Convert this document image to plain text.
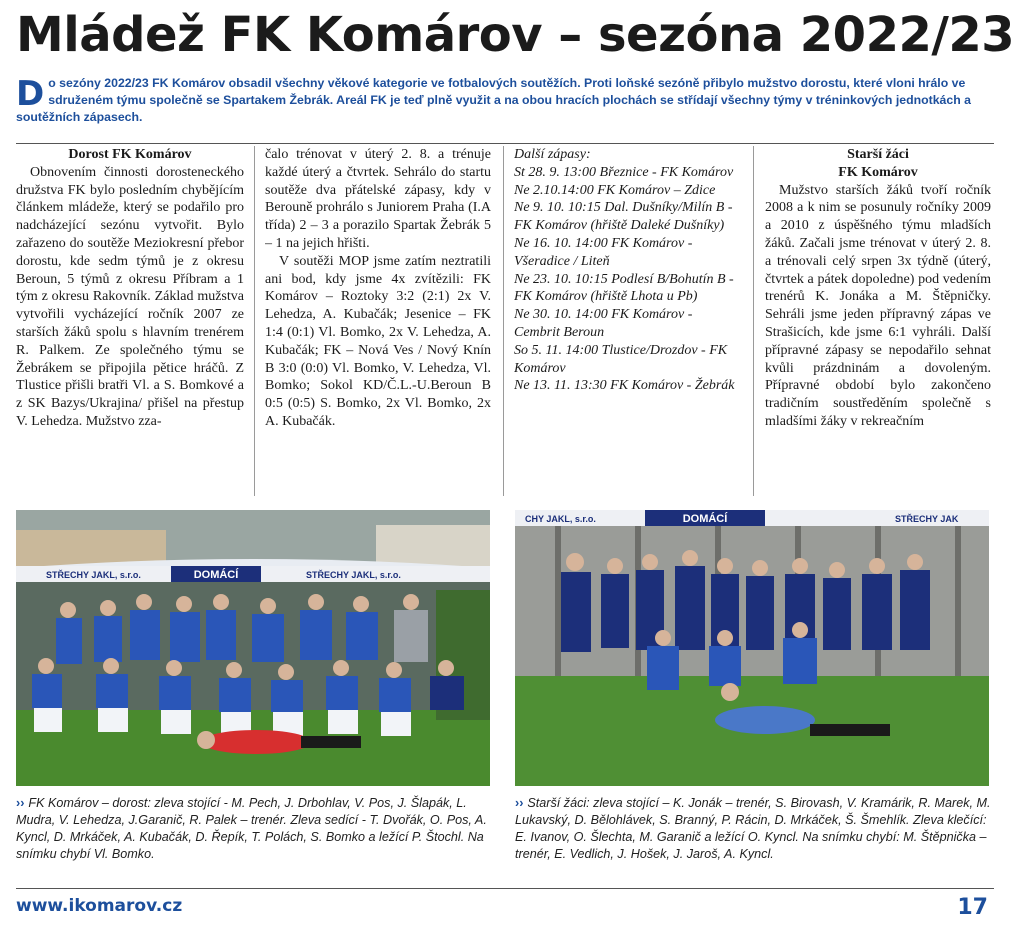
Mládež FK Komárov – sezóna 2022/23
Do sezóny 2022/23 FK Komárov obsadil všechny věkové kategorie ve fotbalových soutěžích. Proti loňské sezóně přibylo mužstvo dorostu, které vloni hrálo ve sdruženém týmu společně se Spartakem Žebrák. Areál FK je teď plně využit a na obou hracích plochách se střídají všechny týmy v tréninkových jednotkách a soutěžních zápasech.

Dorost FK Komárov

Obnovením činnosti dorosteneckého družstva FK bylo posledním chybějícím článkem mládeže, který se podařilo pro nadcházející sezónu vytvořit. Bylo zařazeno do soutěže Meziokresní přebor dorostu, kde sedm týmů je z okresu Beroun, 5 týmů z okresu Příbram a 1 tým z okresu Rakovník. Základ mužstva vytvořili vycházející ročník 2007 ze starších žáků spolu s hlavním trenérem R. Palkem. Ze společného týmu se Žebrákem se připojila pětice hráčů. Z Tlustice přišli bratři Vl. a S. Bomkové a z SK Bazys/Ukrajina/ přišel na přestup V. Lehedza. Mužstvo zza-

čalo trénovat v úterý 2. 8. a trénuje každé úterý a čtvrtek. Sehrálo do startu soutěže dva přátelské zápasy, kdy v Berouně prohrálo s Juniorem Praha (I.A třída) 2 – 3 a porazilo Spartak Žebrák 5 – 1 na jejich hřišti.

V soutěži MOP jsme zatím neztratili ani bod, kdy jsme 4x zvítězili: FK Komárov – Roztoky 3:2 (2:1) 2x V. Lehedza, A. Kubačák; Jesenice – FK 1:4 (0:1) Vl. Bomko, 2x V. Lehedza, A. Kubačák; FK – Nová Ves / Nový Knín B 3:0 (0:0) Vl. Bomko, V. Lehedza, Vl. Bomko; Sokol KD/Č.L.-U.Beroun B 0:5 (0:5) S. Bomko, 2x Vl. Bomko, 2x A. Kubačák.

Další zápasy:

St 28. 9. 13:00 Březnice - FK Komárov

Ne 2.10.14:00 FK Komárov – Zdice

Ne 9. 10. 10:15 Dal. Dušníky/Milín B - FK Komárov (hřiště Daleké Dušníky)

Ne 16. 10. 14:00 FK Komárov - Všeradice / Liteň

Ne 23. 10. 10:15 Podlesí B/Bohutín B - FK Komárov (hřiště Lhota u Pb)

Ne 30. 10. 14:00 FK Komárov - Cembrit Beroun

So 5. 11. 14:00 Tlustice/Drozdov - FK Komárov

Ne 13. 11. 13:30 FK Komárov - Žebrák

Starší žáci

FK Komárov

Mužstvo starších žáků tvoří ročník 2008 a k nim se posunuly ročníky 2009 a 2010 z úspěšného týmu mladších žáků. Začali jsme trénovat v úterý 2. 8. a trénovali celý srpen 3x týdně (úterý, čtvrtek a pátek dopoledne) pod vedením trenérů K. Jonáka a M. Štěpničky. Sehráli jsme jeden přípravný zápas ve Strašicích, kde jsme 6:1 vyhráli. Další přípravné zápasy se nepodařilo sehnat kvůli prázdninám a dovoleným. Přípravné období bylo zakončeno tradičním soustředěním společně s mladšími žáky v rekreačním

STŘECHY JAKL, s.r.o.	DOMÁCÍ	STŘECHY JAKL, s.r.o.
CHY JAKL, s.r.o.	DOMÁCÍ	STŘECHY JAK
›› FK Komárov – dorost: zleva stojící - M. Pech, J. Drbohlav, V. Pos, J. Šlapák, L. Mudra, V. Lehedza, J.Garanič, R. Palek – trenér. Zleva sedící - T. Dvořák, O. Pos, A. Kyncl, D. Mrkáček, A. Kubačák, D. Řepík, T. Polách, S. Bomko a ležící P. Štochl. Na snímku chybí Vl. Bomko.
›› Starší žáci: zleva stojící – K. Jonák – trenér, S. Birovash, V. Kramárik, R. Marek, M. Lukavský, D. Bělohlávek, S. Branný, P. Rácin, D. Mrkáček, Š. Šmehlík. Zleva klečící: E. Ivanov, O. Šlechta, M. Garanič a ležící O. Kyncl. Na snímku chybí: M. Štěpnička – trenér, E. Vedlich, J. Hošek, J. Jaroš, A. Kyncl.
www.ikomarov.cz	17
